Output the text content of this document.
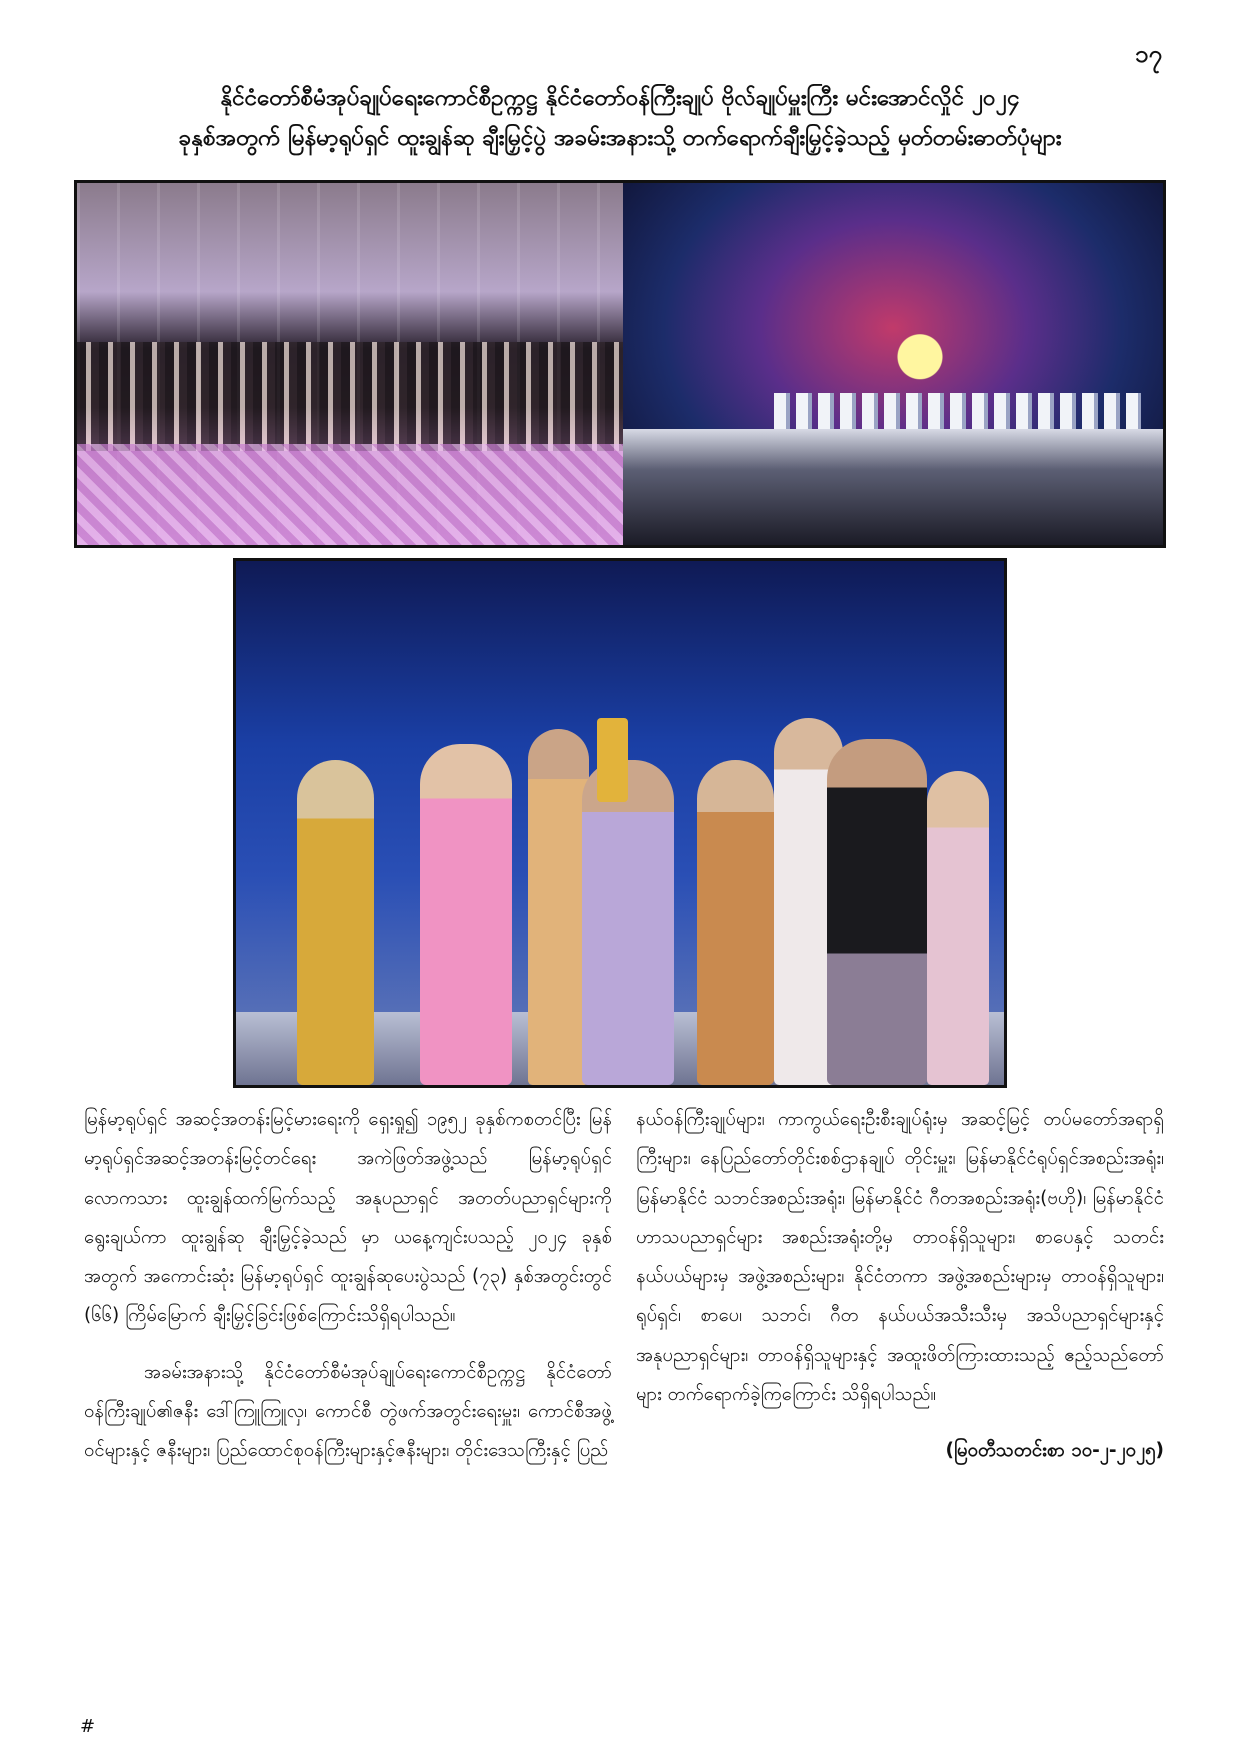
၁၇
နိုင်ငံတော်စီမံအုပ်ချုပ်ရေးကောင်စီဥက္ကဋ္ဌ နိုင်ငံတော်ဝန်ကြီးချုပ် ဗိုလ်ချုပ်မှူးကြီး မင်းအောင်လှိုင် ၂၀၂၄
ခုနှစ်အတွက် မြန်မာ့ရုပ်ရှင် ထူးချွန်ဆု ချီးမြှင့်ပွဲ အခမ်းအနားသို့ တက်ရောက်ချီးမြှင့်ခဲ့သည့် မှတ်တမ်းဓာတ်ပုံများ

မြန်မာ့ရုပ်ရှင် အဆင့်အတန်းမြင့်မားရေးကို ရှေးရှု၍ ၁၉၅၂ ခုနှစ်ကစတင်ပြီး မြန်မာ့ရုပ်ရှင်အဆင့်အတန်းမြင့်တင်ရေး အကဲဖြတ်အဖွဲ့သည် မြန်မာ့ရုပ်ရှင်လောကသား ထူးချွန်ထက်မြက်သည့် အနုပညာရှင် အတတ်ပညာရှင်များကို ရွေးချယ်ကာ ထူးချွန်ဆု ချီးမြှင့်ခဲ့သည် မှာ ယနေ့ကျင်းပသည့် ၂၀၂၄ ခုနှစ်အတွက် အကောင်းဆုံး မြန်မာ့ရုပ်ရှင် ထူးချွန်ဆုပေးပွဲသည် (၇၃) နှစ်အတွင်းတွင် (၆၆) ကြိမ်မြောက် ချီးမြှင့်ခြင်းဖြစ်ကြောင်းသိရှိရပါသည်။

အခမ်းအနားသို့ နိုင်ငံတော်စီမံအုပ်ချုပ်ရေးကောင်စီဥက္ကဋ္ဌ နိုင်ငံတော်ဝန်ကြီးချုပ်၏ဇနီး ဒေါ်ကြူကြူလှ၊ ကောင်စီ တွဲဖက်အတွင်းရေးမှူး၊ ကောင်စီအဖွဲ့ဝင်များနှင့် ဇနီးများ၊ ပြည်ထောင်စုဝန်ကြီးများနှင့်ဇနီးများ၊ တိုင်းဒေသကြီးနှင့် ပြည်

နယ်ဝန်ကြီးချုပ်များ၊ ကာကွယ်ရေးဦးစီးချုပ်ရုံးမှ အဆင့်မြင့် တပ်မတော်အရာရှိကြီးများ၊ နေပြည်တော်တိုင်းစစ်ဌာနချုပ် တိုင်းမှူး၊ မြန်မာနိုင်ငံရုပ်ရှင်အစည်းအရုံး၊ မြန်မာနိုင်ငံ သဘင်အစည်းအရုံး၊ မြန်မာနိုင်ငံ ဂီတအစည်းအရုံး(ဗဟို)၊ မြန်မာနိုင်ငံ ဟာသပညာရှင်များ အစည်းအရုံးတို့မှ တာဝန်ရှိသူများ၊ စာပေနှင့် သတင်းနယ်ပယ်များမှ အဖွဲ့အစည်းများ၊ နိုင်ငံတကာ အဖွဲ့အစည်းများမှ တာဝန်ရှိသူများ၊ ရုပ်ရှင်၊ စာပေ၊ သဘင်၊ ဂီတ နယ်ပယ်အသီးသီးမှ အသိပညာရှင်များနှင့် အနုပညာရှင်များ၊ တာဝန်ရှိသူများနှင့် အထူးဖိတ်ကြားထားသည့် ဧည့်သည်တော်များ တက်ရောက်ခဲ့ကြကြောင်း သိရှိရပါသည်။

(မြဝတီသတင်းစာ ၁၀-၂-၂၀၂၅)
#
